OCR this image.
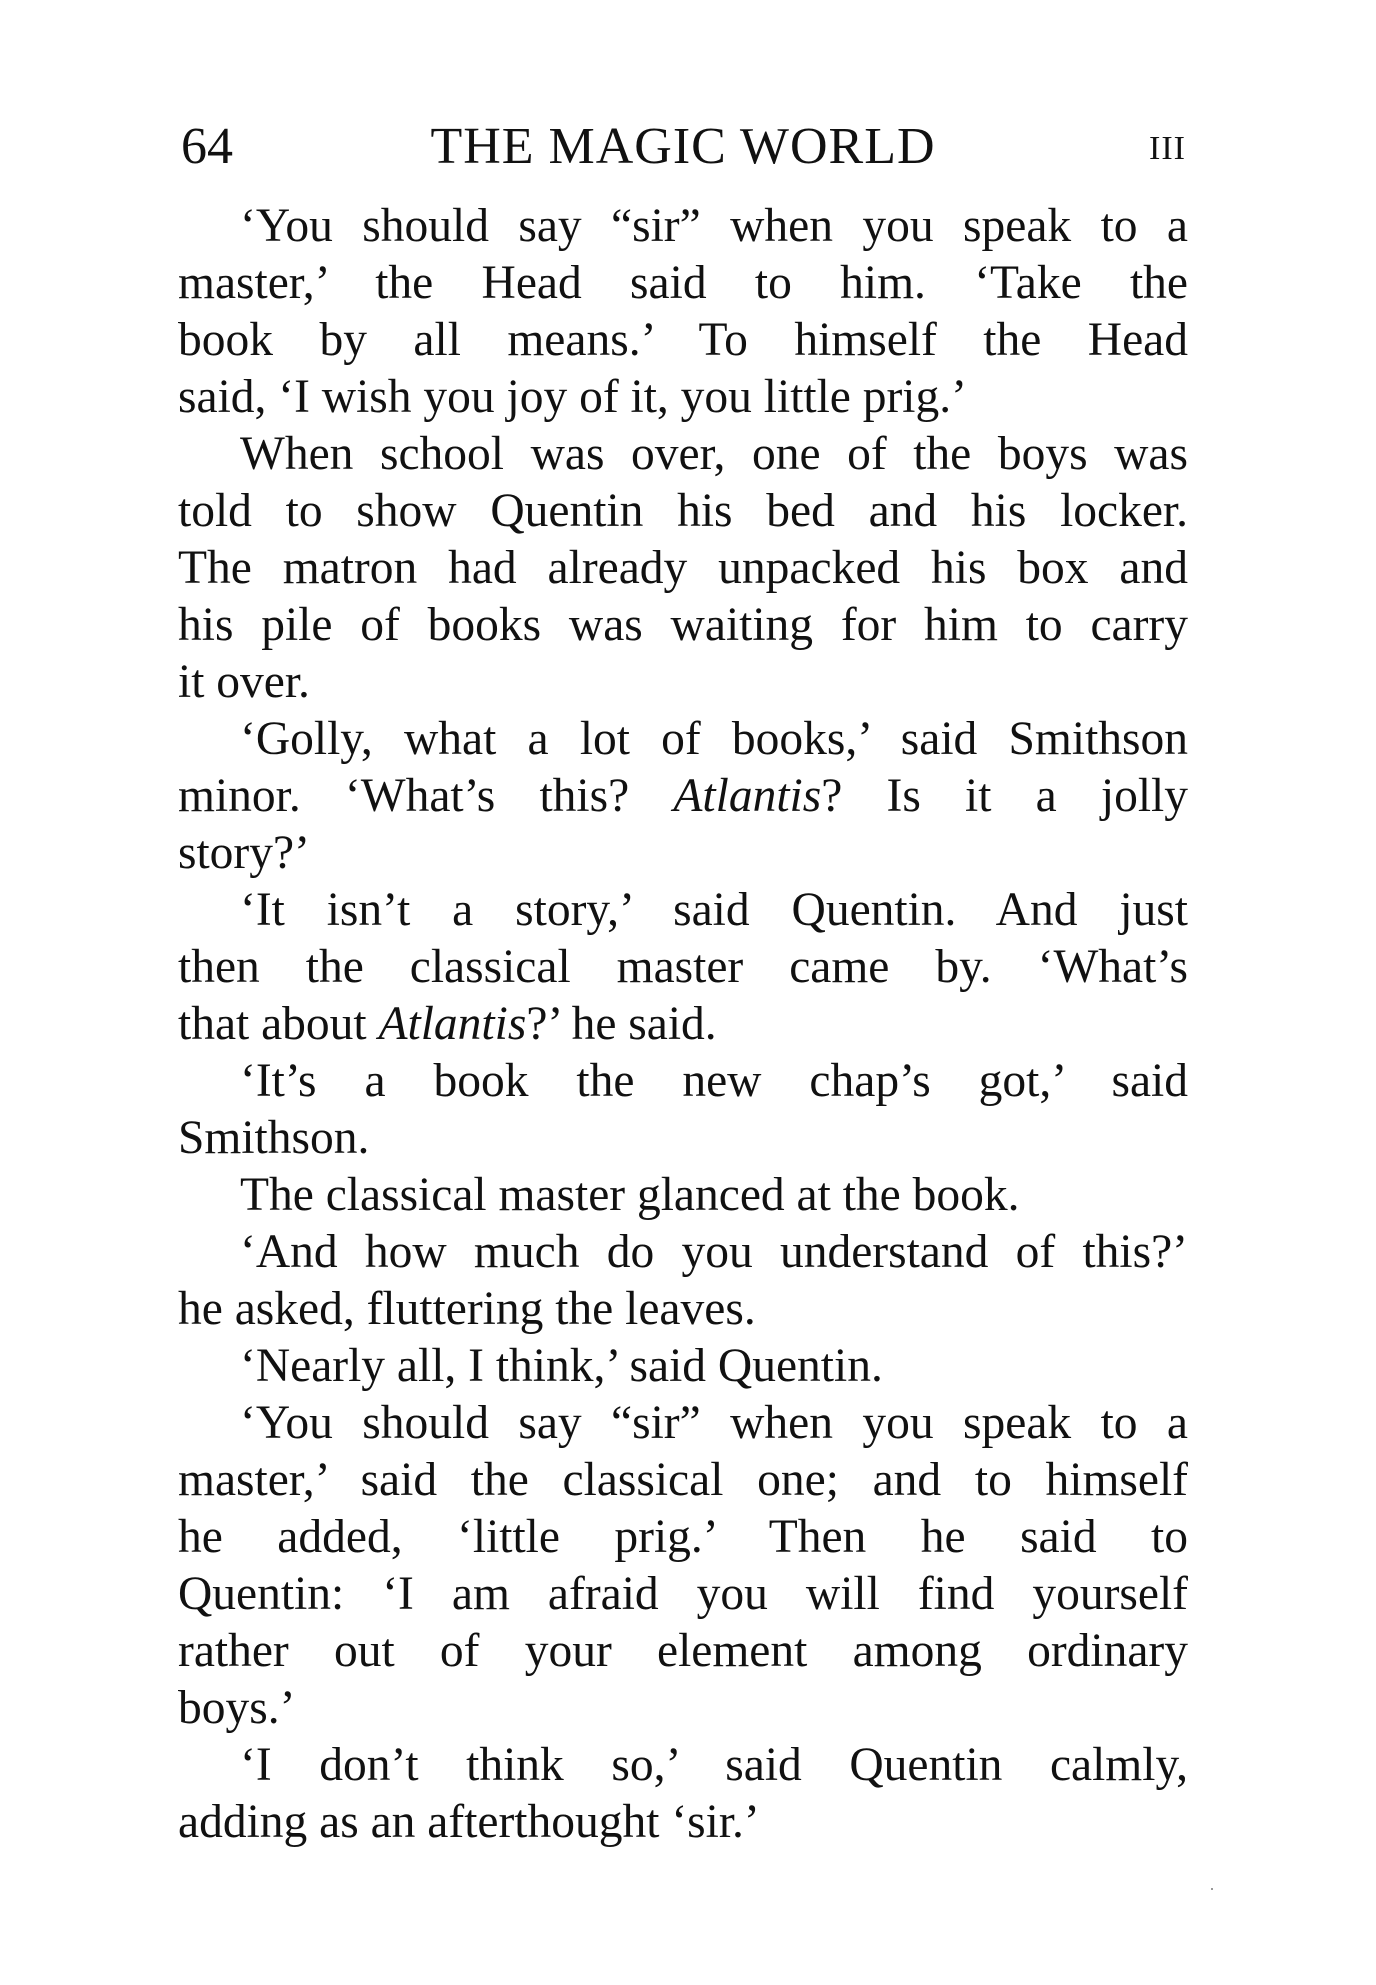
64	THE MAGIC WORLD	III

‘You should say “sir” when you speak to a
master,’ the Head said to him. ‘Take the
book by all means.’ To himself the Head
said, ‘I wish you joy of it, you little prig.’

When school was over, one of the boys was
told to show Quentin his bed and his locker.
The matron had already unpacked his box and
his pile of books was waiting for him to carry
it over.

‘Golly, what a lot of books,’ said Smithson
minor. ‘What’s this? Atlantis? Is it a jolly
story?’

‘It isn’t a story,’ said Quentin. And just
then the classical master came by. ‘What’s
that about Atlantis?’ he said.

‘It’s a book the new chap’s got,’ said
Smithson.

The classical master glanced at the book.

‘And how much do you understand of this?’
he asked, fluttering the leaves.

‘Nearly all, I think,’ said Quentin.

‘You should say “sir” when you speak to a
master,’ said the classical one; and to himself
he added, ‘little prig.’ Then he said to
Quentin: ‘I am afraid you will find yourself
rather out of your element among ordinary
boys.’

‘I don’t think so,’ said Quentin calmly,
adding as an afterthought ‘sir.’
